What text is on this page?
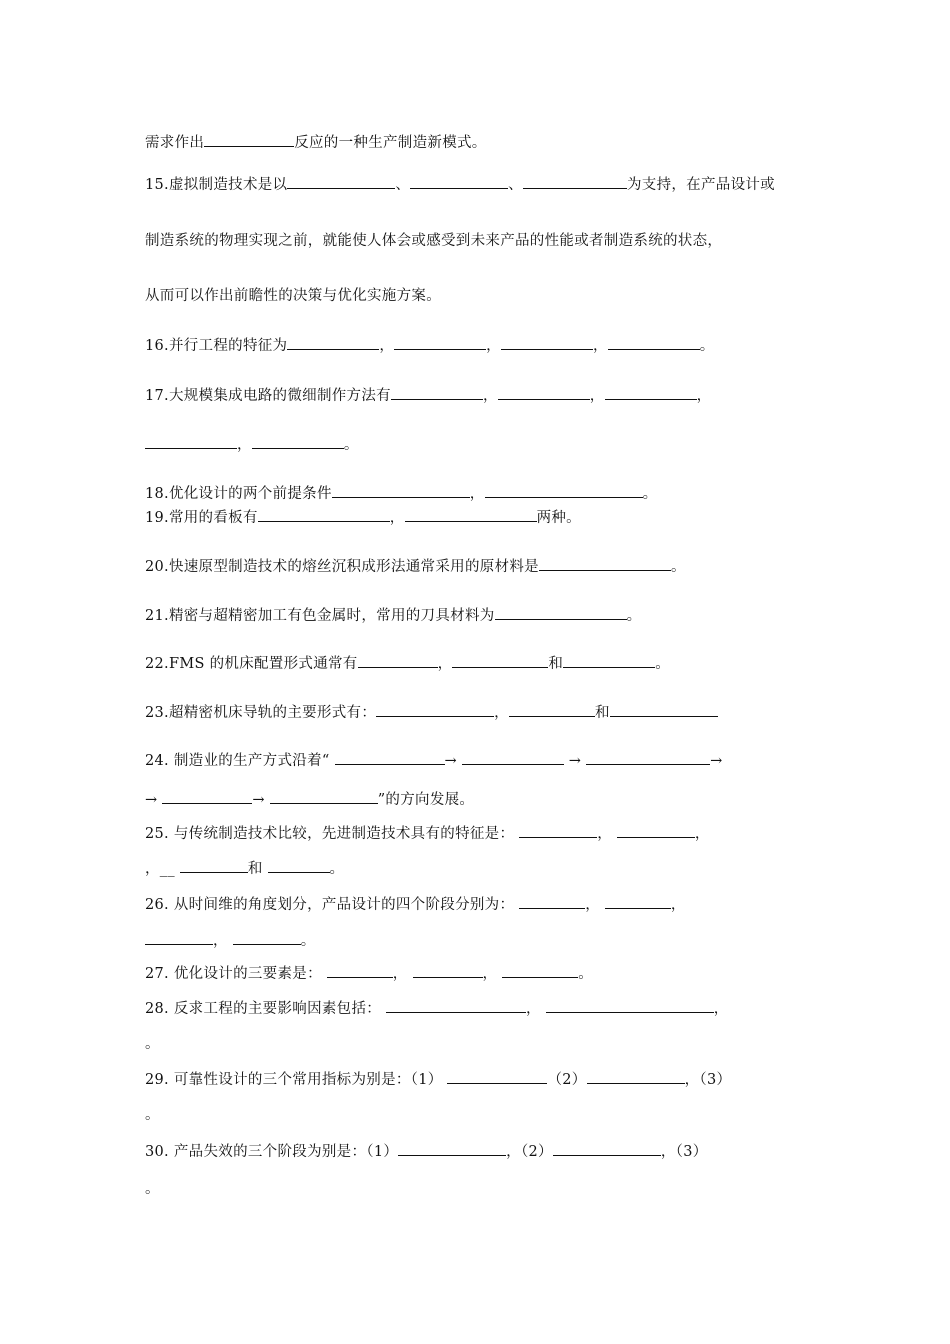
需求作出	反应的一种生产制造新模式。
15.虚拟制造技术是以	、	、	为支持，在产品设计或
制造系统的物理实现之前，就能使人体会或感受到未来产品的性能或者制造系统的状态，
从而可以作出前瞻性的决策与优化实施方案。
16.并行工程的特征为	，	，	，	。
17.大规模集成电路的微细制作方法有	，	，	，
，	。
18.优化设计的两个前提条件	，	。
19.常用的看板有	，	两种。
20.快速原型制造技术的熔丝沉积成形法通常采用的原材料是	。
21.精密与超精密加工有色金属时，常用的刀具材料为	。
22.FMS 的机床配置形式通常有	，	和	。
23.超精密机床导轨的主要形式有：	，	和
24. 制造业的生产方式沿着“	→	→	→
→	→	”的方向发展。
25. 与传统制造技术比较，先进制造技术具有的特征是：	，	，
，__	和	。
26. 从时间维的角度划分，产品设计的四个阶段分别为：	，	，
，	。
27. 优化设计的三要素是：	，	，	。
28. 反求工程的主要影响因素包括：	，	，
。
29. 可靠性设计的三个常用指标为别是：（1）	（2）	，（3）
。
30. 产品失效的三个阶段为别是：（1）	，（2）	，（3）
。
